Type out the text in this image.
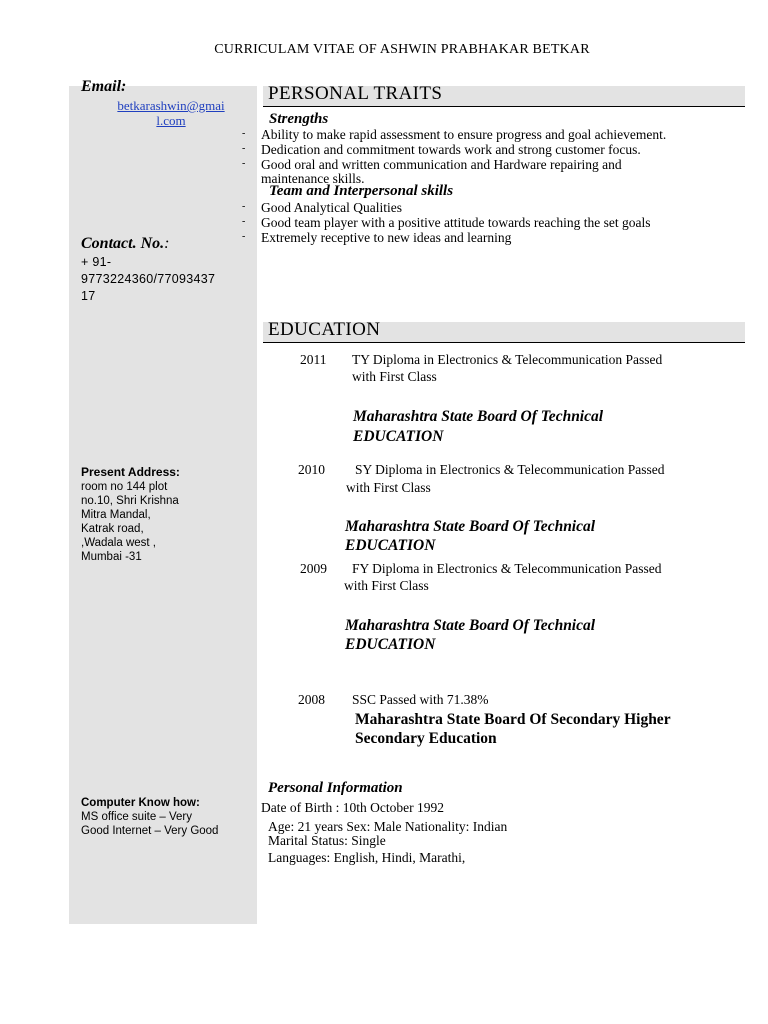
CURRICULAM VITAE OF ASHWIN PRABHAKAR BETKAR
Email:
betkarashwin@gmai
l.com
Contact. No.:
+ 91-
9773224360/77093437
17
Present Address:
room no 144 plot
no.10, Shri Krishna
Mitra Mandal,
Katrak road,
,Wadala west ,
Mumbai -31
Computer Know how:
MS office suite – Very
Good Internet – Very Good
PERSONAL TRAITS
Strengths
- Ability to make rapid assessment to ensure progress and goal achievement.
- Dedication and commitment towards work and strong customer focus.
- Good oral and written communication and Hardware repairing and
maintenance skills.
Team and Interpersonal skills
- Good Analytical Qualities
- Good team player with a positive attitude towards reaching the set goals
- Extremely receptive to new ideas and learning
EDUCATION
2011 TY Diploma in Electronics & Telecommunication Passed
with First Class
Maharashtra State Board Of Technical
EDUCATION
2010 SY Diploma in Electronics & Telecommunication Passed
with First Class
Maharashtra State Board Of Technical
EDUCATION
2009 FY Diploma in Electronics & Telecommunication Passed
with First Class
Maharashtra State Board Of Technical
EDUCATION
2008 SSC Passed with 71.38%
Maharashtra State Board Of Secondary Higher
Secondary Education
Personal Information
Date of Birth : 10th October 1992
Age: 21 years Sex: Male Nationality: Indian
Marital Status: Single
Languages: English, Hindi, Marathi,
